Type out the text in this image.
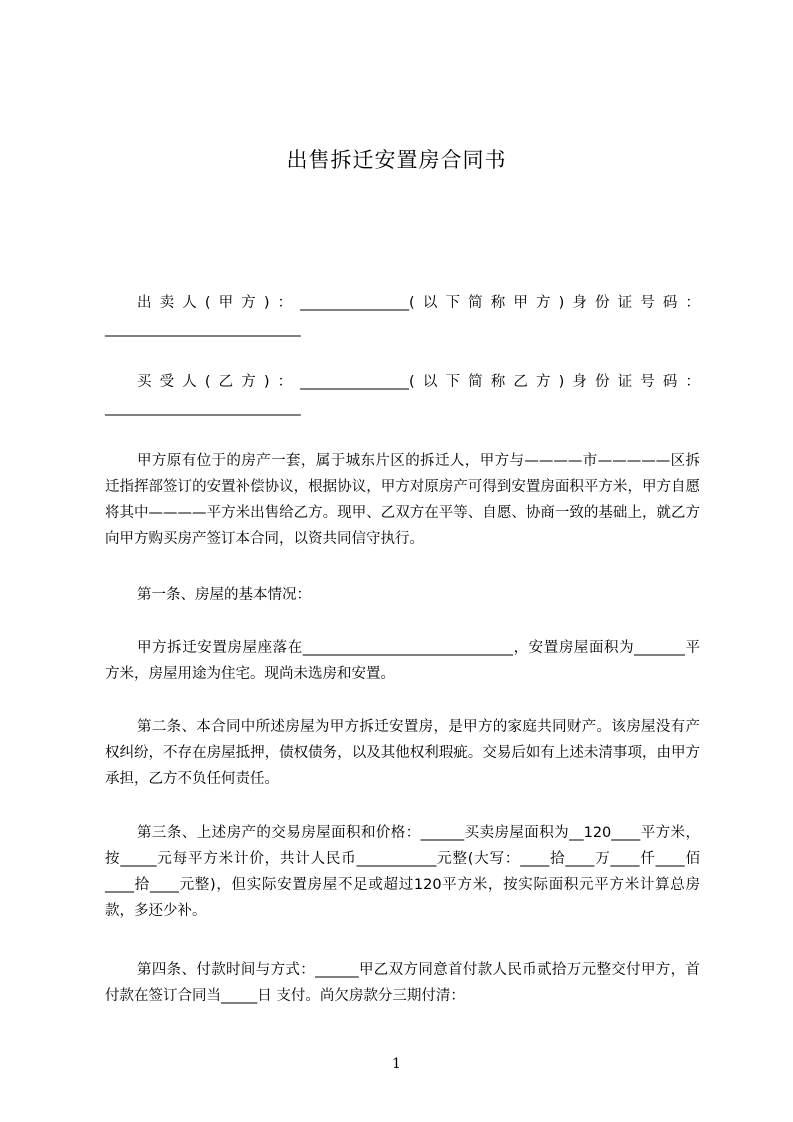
出售拆迁安置房合同书

出卖人(甲方)：_______________(以下简称甲方)身份证号码：___________________________

买受人(乙方)：_______________(以下简称乙方)身份证号码：___________________________

甲方原有位于的房产一套，属于城东片区的拆迁人，甲方与————市—————区拆迁指挥部签订的安置补偿协议，根据协议，甲方对原房产可得到安置房面积平方米，甲方自愿将其中————平方米出售给乙方。现甲、乙双方在平等、自愿、协商一致的基础上，就乙方向甲方购买房产签订本合同，以资共同信守执行。

第一条、房屋的基本情况：

甲方拆迁安置房屋座落在_____________________________，安置房屋面积为_______平方米，房屋用途为住宅。现尚未选房和安置。

第二条、本合同中所述房屋为甲方拆迁安置房，是甲方的家庭共同财产。该房屋没有产权纠纷，不存在房屋抵押，债权债务，以及其他权利瑕疵。交易后如有上述未清事项，由甲方承担，乙方不负任何责任。

第三条、上述房产的交易房屋面积和价格：______买卖房屋面积为__120____平方米，按_____元每平方米计价，共计人民币___________元整(大写：____拾____万____仟____佰____拾____元整)，但实际安置房屋不足或超过120平方米，按实际面积元平方米计算总房款，多还少补。

第四条、付款时间与方式：______甲乙双方同意首付款人民币贰拾万元整交付甲方，首付款在签订合同当_____日 支付。尚欠房款分三期付清：

1
